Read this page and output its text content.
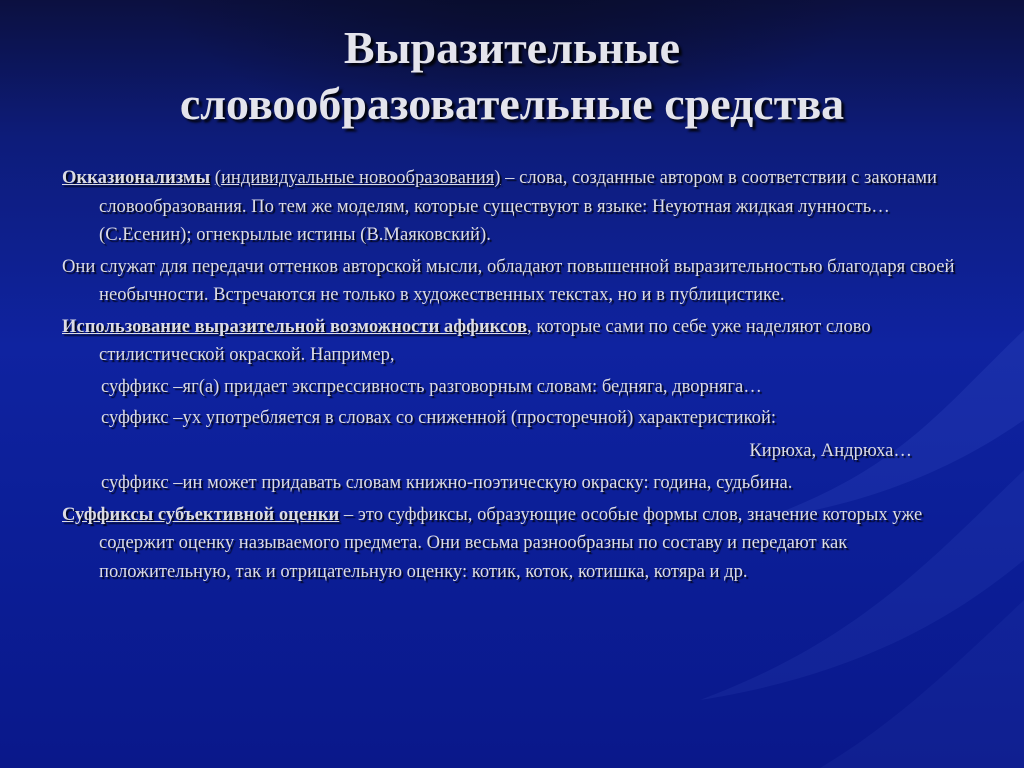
Выразительные
словообразовательные средства

Окказионализмы (индивидуальные новообразования) – слова, созданные автором в соответствии с законами словообразования. По тем же моделям, которые существуют в языке: Неуютная жидкая лунность…(С.Есенин); огнекрылые истины (В.Маяковский).

Они служат для передачи оттенков авторской мысли, обладают повышенной выразительностью благодаря своей необычности. Встречаются не только в художественных текстах, но и в публицистике.

Использование выразительной возможности аффиксов, которые сами по себе уже наделяют слово стилистической окраской. Например,

суффикс –яг(а) придает экспрессивность разговорным словам: бедняга, дворняга…

суффикс –ух употребляется в словах со сниженной (просторечной) характеристикой:

Кирюха, Андрюха…

суффикс –ин может придавать словам книжно-поэтическую окраску: година, судьбина.

Суффиксы субъективной оценки – это суффиксы, образующие особые формы слов, значение которых уже содержит оценку называемого предмета. Они весьма разнообразны по составу и передают как положительную, так и отрицательную оценку: котик, коток, котишка, котяра и др.
